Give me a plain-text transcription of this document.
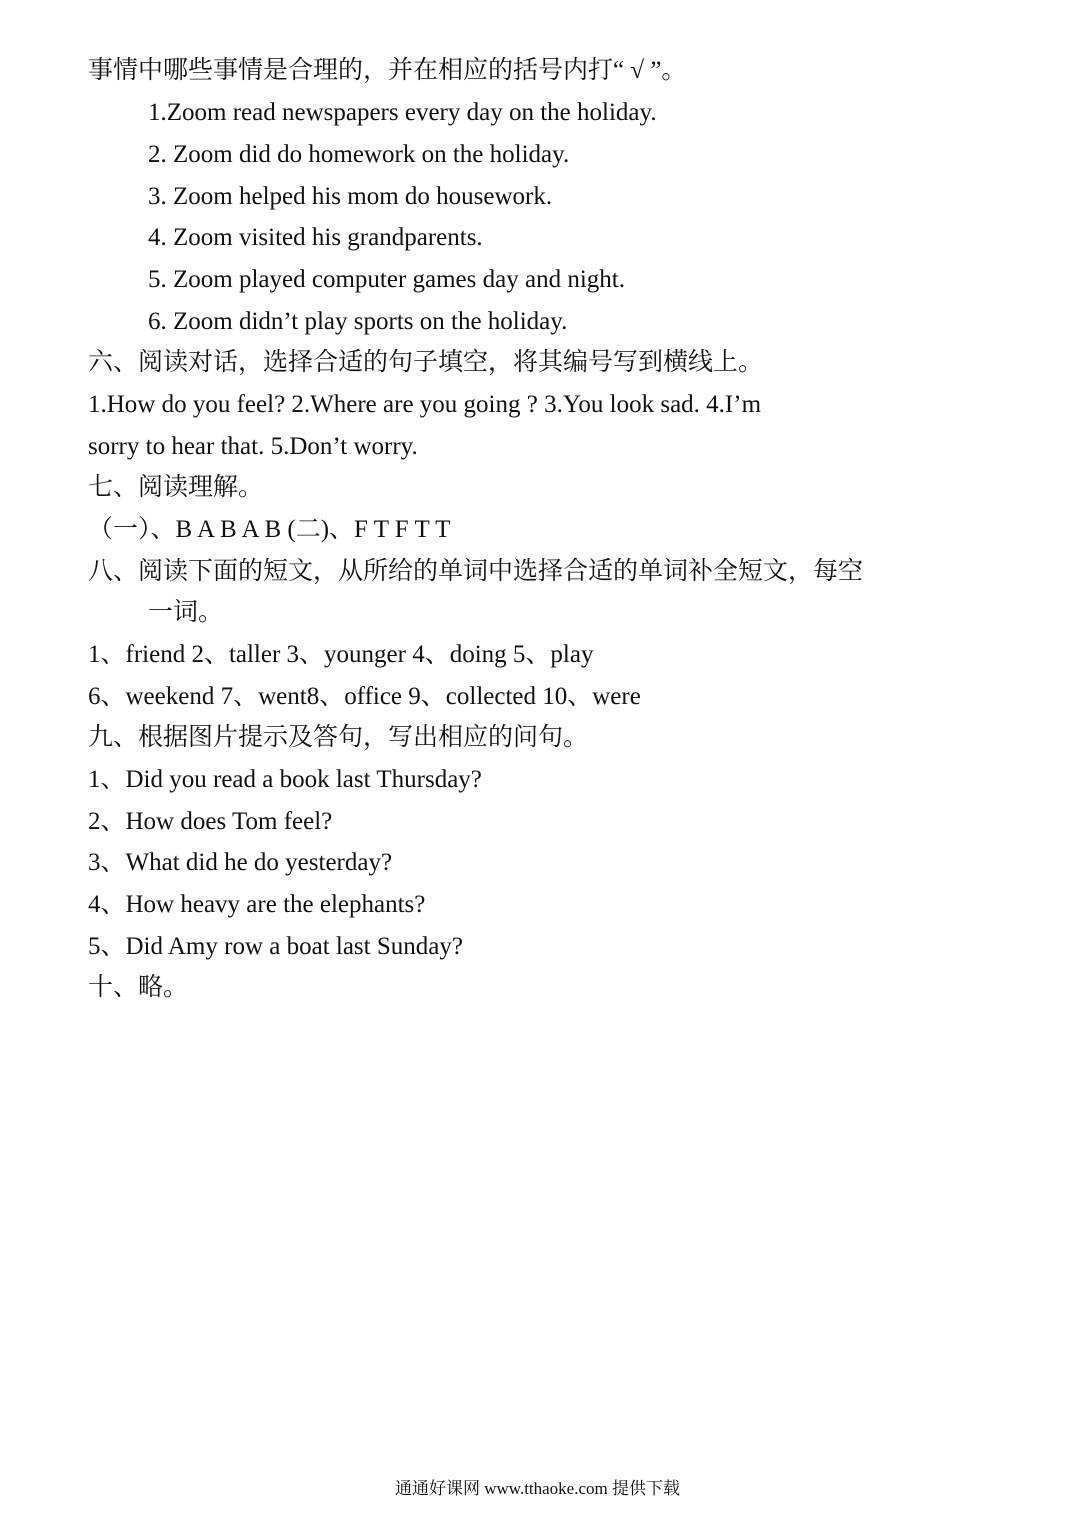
事情中哪些事情是合理的，并在相应的括号内打“ √ ”。
1.Zoom read newspapers every day on the holiday.
2. Zoom did do homework on the holiday.
3. Zoom helped his mom do housework.
4. Zoom visited his grandparents.
5. Zoom played computer games day and night.
6. Zoom didn’t play sports on the holiday.
六、阅读对话，选择合适的句子填空，将其编号写到横线上。
1.How do you feel? 2.Where are you going ? 3.You look sad. 4.I’m
sorry to hear that. 5.Don’t worry.
七、阅读理解。
（一）、B A B A B (二)、F T F T T
八、阅读下面的短文，从所给的单词中选择合适的单词补全短文，每空
一词。
1、friend 2、taller 3、younger 4、doing 5、play
6、weekend 7、went8、office 9、collected 10、were
九、根据图片提示及答句，写出相应的问句。
1、Did you read a book last Thursday?
2、How does Tom feel?
3、What did he do yesterday?
4、How heavy are the elephants?
5、Did Amy row a boat last Sunday?
十、略。
通通好课网 www.tthaoke.com 提供下载
